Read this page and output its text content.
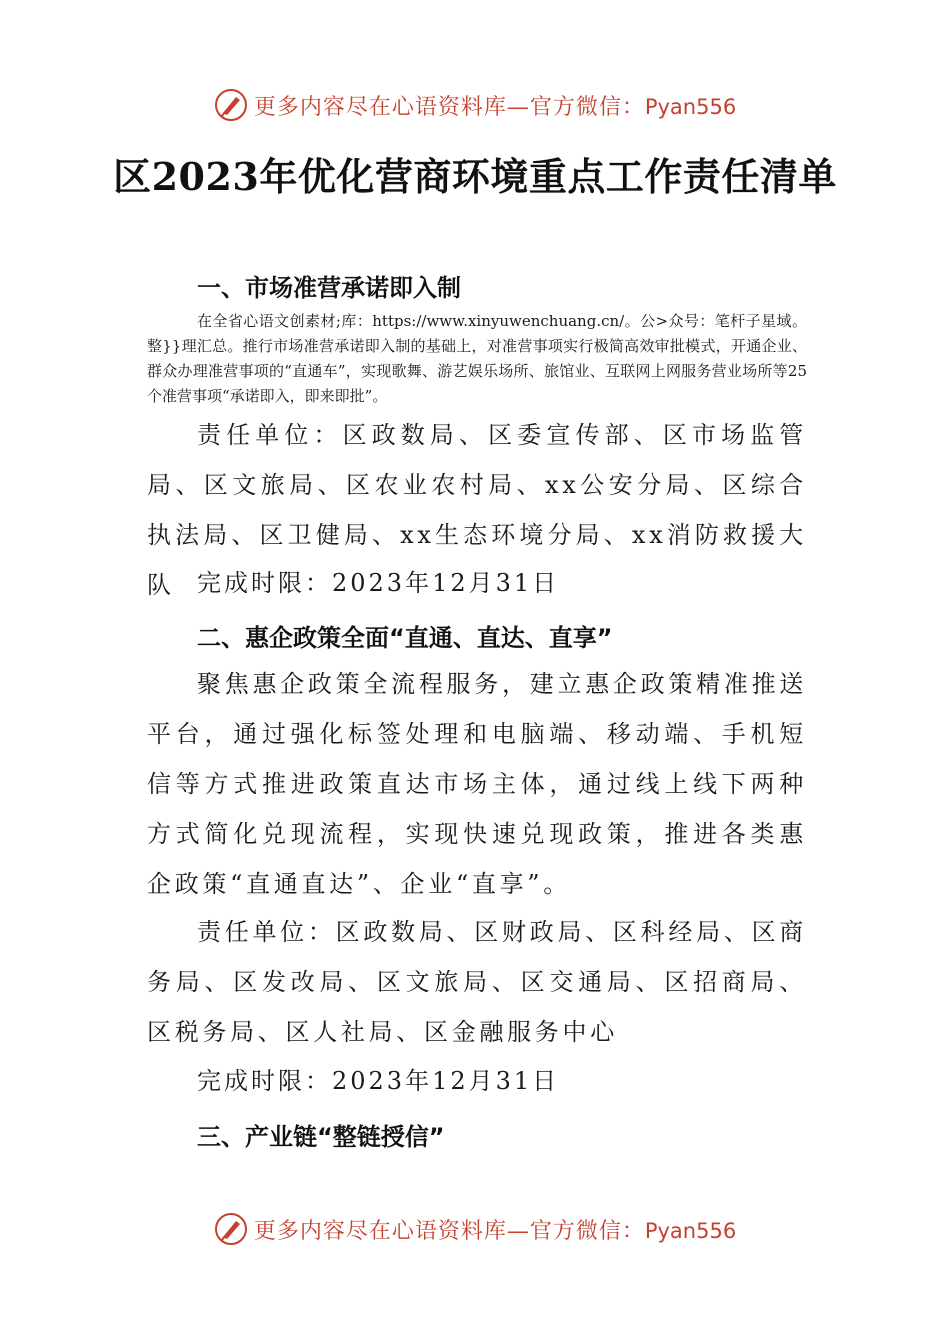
更多内容尽在心语资料库—官方微信：Pyan556
区2023年优化营商环境重点工作责任清单

一、市场准营承诺即入制

在全省心语文创素材;库：https://www.xinyuwenchuang.cn/。公>众号：笔杆子星域。整}}理汇总。推行市场准营承诺即入制的基础上，对准营事项实行极简高效审批模式，开通企业、群众办理准营事项的“直通车”，实现歌舞、游艺娱乐场所、旅馆业、互联网上网服务营业场所等25个准营事项“承诺即入，即来即批”。

责任单位：区政数局、区委宣传部、区市场监管局、区文旅局、区农业农村局、xx公安分局、区综合执法局、区卫健局、xx生态环境分局、xx消防救援大队 完成时限：2023年12月31日

二、惠企政策全面“直通、直达、直享”

聚焦惠企政策全流程服务，建立惠企政策精准推送平台，通过强化标签处理和电脑端、移动端、手机短信等方式推进政策直达市场主体，通过线上线下两种方式简化兑现流程，实现快速兑现政策，推进各类惠企政策“直通直达”、企业“直享”。

责任单位：区政数局、区财政局、区科经局、区商务局、区发改局、区文旅局、区交通局、区招商局、区税务局、区人社局、区金融服务中心

完成时限：2023年12月31日

三、产业链“整链授信”

更多内容尽在心语资料库—官方微信：Pyan556
